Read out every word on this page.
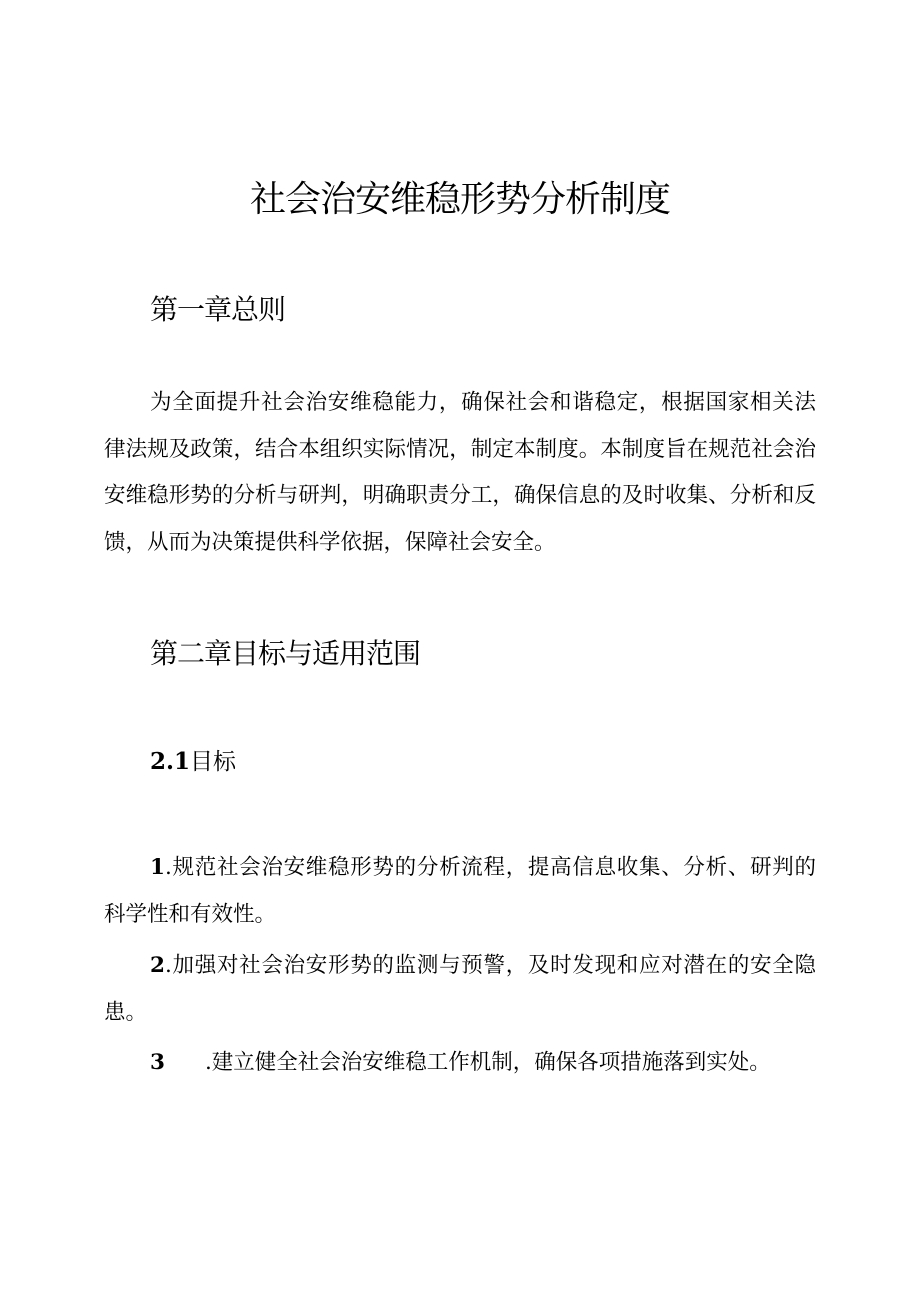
社会治安维稳形势分析制度
第一章总则

为全面提升社会治安维稳能力，确保社会和谐稳定，根据国家相关法律法规及政策，结合本组织实际情况，制定本制度。本制度旨在规范社会治安维稳形势的分析与研判，明确职责分工，确保信息的及时收集、分析和反馈，从而为决策提供科学依据，保障社会安全。

第二章目标与适用范围
2.1目标

1.规范社会治安维稳形势的分析流程，提高信息收集、分析、研判的科学性和有效性。

2.加强对社会治安形势的监测与预警，及时发现和应对潜在的安全隐患。

3 .建立健全社会治安维稳工作机制，确保各项措施落到实处。
